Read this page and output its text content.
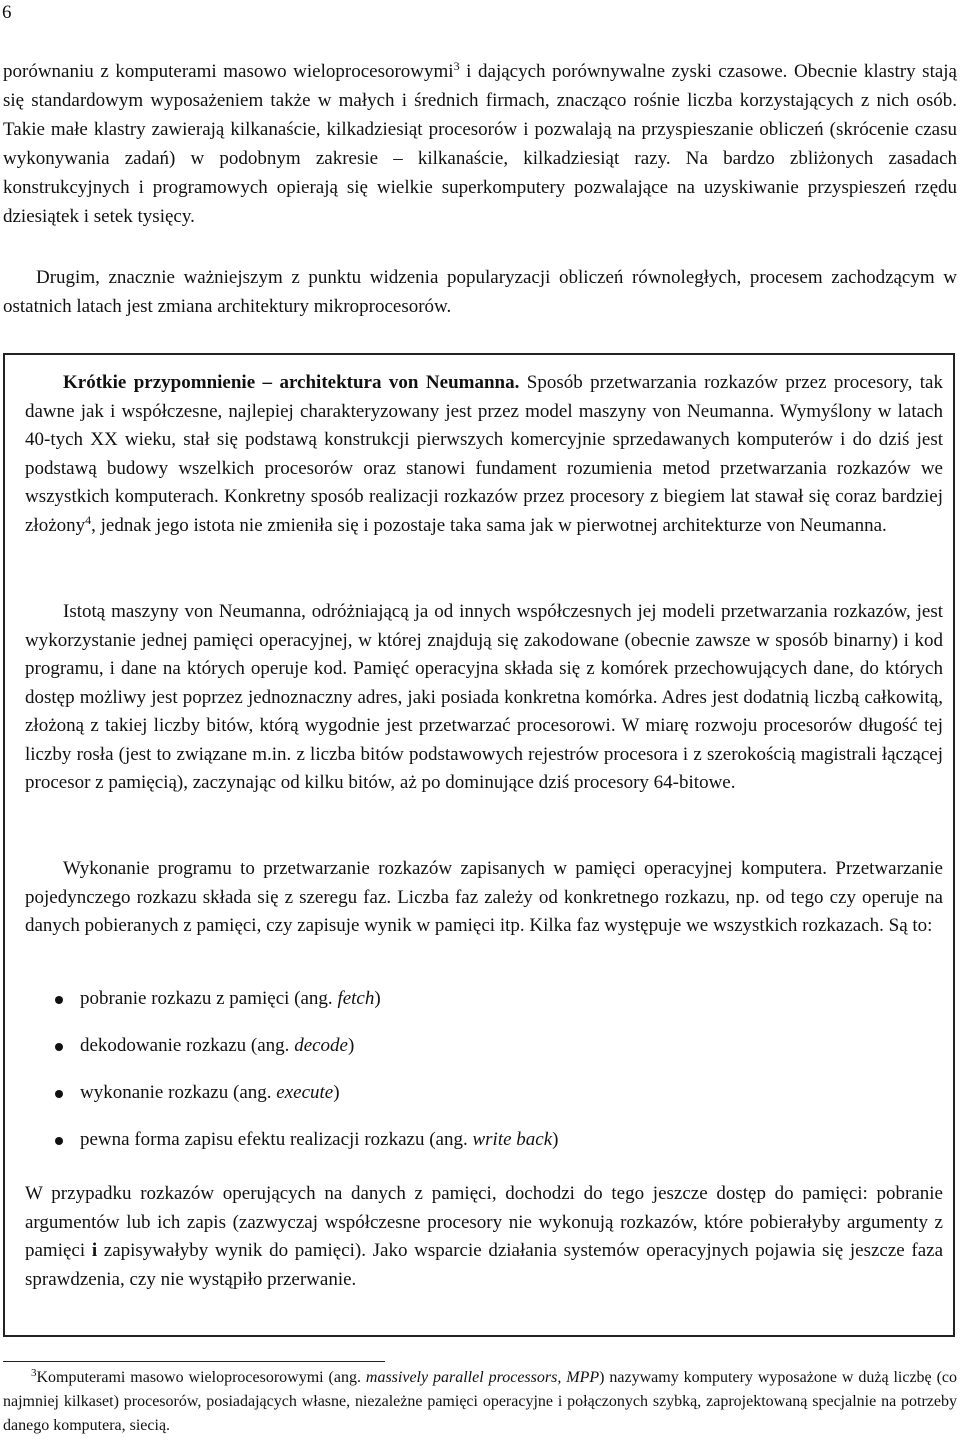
6

porównaniu z komputerami masowo wieloprocesorowymi$^3$ i dających porównywalne zyski czasowe. Obecnie klastry stają się standardowym wyposażeniem także w małych i średnich firmach, znacząco rośnie liczba korzystających z nich osób. Takie małe klastry zawierają kilkanaście, kilkadziesiąt procesorów i pozwalają na przyspieszanie obliczeń (skrócenie czasu wykonywania zadań) w podobnym zakresie – kilkanaście, kilkadziesiąt razy. Na bardzo zbliżonych zasadach konstrukcyjnych i programowych opierają się wielkie superkomputery pozwalające na uzyskiwanie przyspieszeń rzędu dziesiątek i setek tysięcy.

Drugim, znacznie ważniejszym z punktu widzenia popularyzacji obliczeń równoległych, procesem zachodzącym w ostatnich latach jest zmiana architektury mikroprocesorów.

Krótkie przypomnienie – architektura von Neumanna. Sposób przetwarzania rozkazów przez procesory, tak dawne jak i współczesne, najlepiej charakteryzowany jest przez model maszyny von Neumanna. Wymyślony w latach 40-tych XX wieku, stał się podstawą konstrukcji pierwszych komercyjnie sprzedawanych komputerów i do dziś jest podstawą budowy wszelkich procesorów oraz stanowi fundament rozumienia metod przetwarzania rozkazów we wszystkich komputerach. Konkretny sposób realizacji rozkazów przez procesory z biegiem lat stawał się coraz bardziej złożony$^4$, jednak jego istota nie zmieniła się i pozostaje taka sama jak w pierwotnej architekturze von Neumanna.

Istotą maszyny von Neumanna, odróżniającą ja od innych współczesnych jej modeli przetwarzania rozkazów, jest wykorzystanie jednej pamięci operacyjnej, w której znajdują się zakodowane (obecnie zawsze w sposób binarny) i kod programu, i dane na których operuje kod. Pamięć operacyjna składa się z komórek przechowujących dane, do których dostęp możliwy jest poprzez jednoznaczny adres, jaki posiada konkretna komórka. Adres jest dodatnią liczbą całkowitą, złożoną z takiej liczby bitów, którą wygodnie jest przetwarzać procesorowi. W miarę rozwoju procesorów długość tej liczby rosła (jest to związane m.in. z liczba bitów podstawowych rejestrów procesora i z szerokością magistrali łączącej procesor z pamięcią), zaczynając od kilku bitów, aż po dominujące dziś procesory 64-bitowe.

Wykonanie programu to przetwarzanie rozkazów zapisanych w pamięci operacyjnej komputera. Przetwarzanie pojedynczego rozkazu składa się z szeregu faz. Liczba faz zależy od konkretnego rozkazu, np. od tego czy operuje na danych pobieranych z pamięci, czy zapisuje wynik w pamięci itp. Kilka faz występuje we wszystkich rozkazach. Są to:

pobranie rozkazu z pamięci (ang. fetch)
dekodowanie rozkazu (ang. decode)
wykonanie rozkazu (ang. execute)
pewna forma zapisu efektu realizacji rozkazu (ang. write back)

W przypadku rozkazów operujących na danych z pamięci, dochodzi do tego jeszcze dostęp do pamięci: pobranie argumentów lub ich zapis (zazwyczaj współczesne procesory nie wykonują rozkazów, które pobierałyby argumenty z pamięci i zapisywałyby wynik do pamięci). Jako wsparcie działania systemów operacyjnych pojawia się jeszcze faza sprawdzenia, czy nie wystąpiło przerwanie.

$^3$Komputerami masowo wieloprocesorowymi (ang. massively parallel processors, MPP) nazywamy komputery wyposażone w dużą liczbę (co najmniej kilkaset) procesorów, posiadających własne, niezależne pamięci operacyjne i połączonych szybką, zaprojektowaną specjalnie na potrzeby danego komputera, siecią.
